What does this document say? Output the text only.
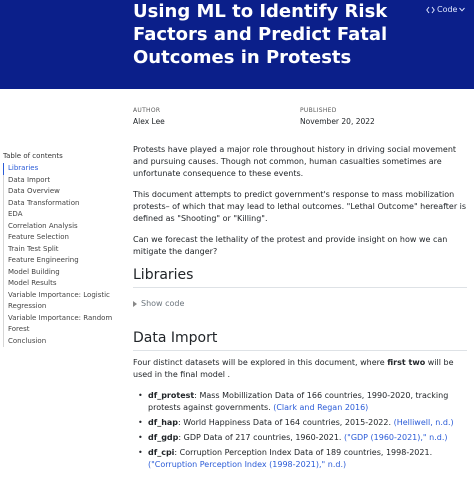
Using ML to Identify Risk Factors and Predict Fatal Outcomes in Protests
Code
AUTHOR
Alex Lee
PUBLISHED
November 20, 2022
Table of contents
Libraries
Data Import
Data Overview
Data Transformation
EDA
Correlation Analysis
Feature Selection
Train Test Split
Feature Engineering
Model Building
Model Results
Variable Importance: Logistic Regression
Variable Importance: Random Forest
Conclusion

Protests have played a major role throughout history in driving social movement and pursuing causes. Though not common, human casualties sometimes are unfortunate consequence to these events.

This document attempts to predict government's response to mass mobilization protests– of which that may lead to lethal outcomes. "Lethal Outcome" hereafter is defined as "Shooting" or "Killing".

Can we forecast the lethality of the protest and provide insight on how we can mitigate the danger?

Libraries
Show code
Data Import

Four distinct datasets will be explored in this document, where first two will be used in the final model .

• df_protest: Mass Mobillization Data of 166 countries, 1990-2020, tracking protests against governments. (Clark and Regan 2016)
• df_hap: World Happiness Data of 164 countries, 2015-2022. (Helliwell, n.d.)
• df_gdp: GDP Data of 217 countries, 1960-2021. ("GDP (1960-2021)," n.d.)
• df_cpi: Corruption Perception Index Data of 189 countries, 1998-2021. ("Corruption Perception Index (1998-2021)," n.d.)
